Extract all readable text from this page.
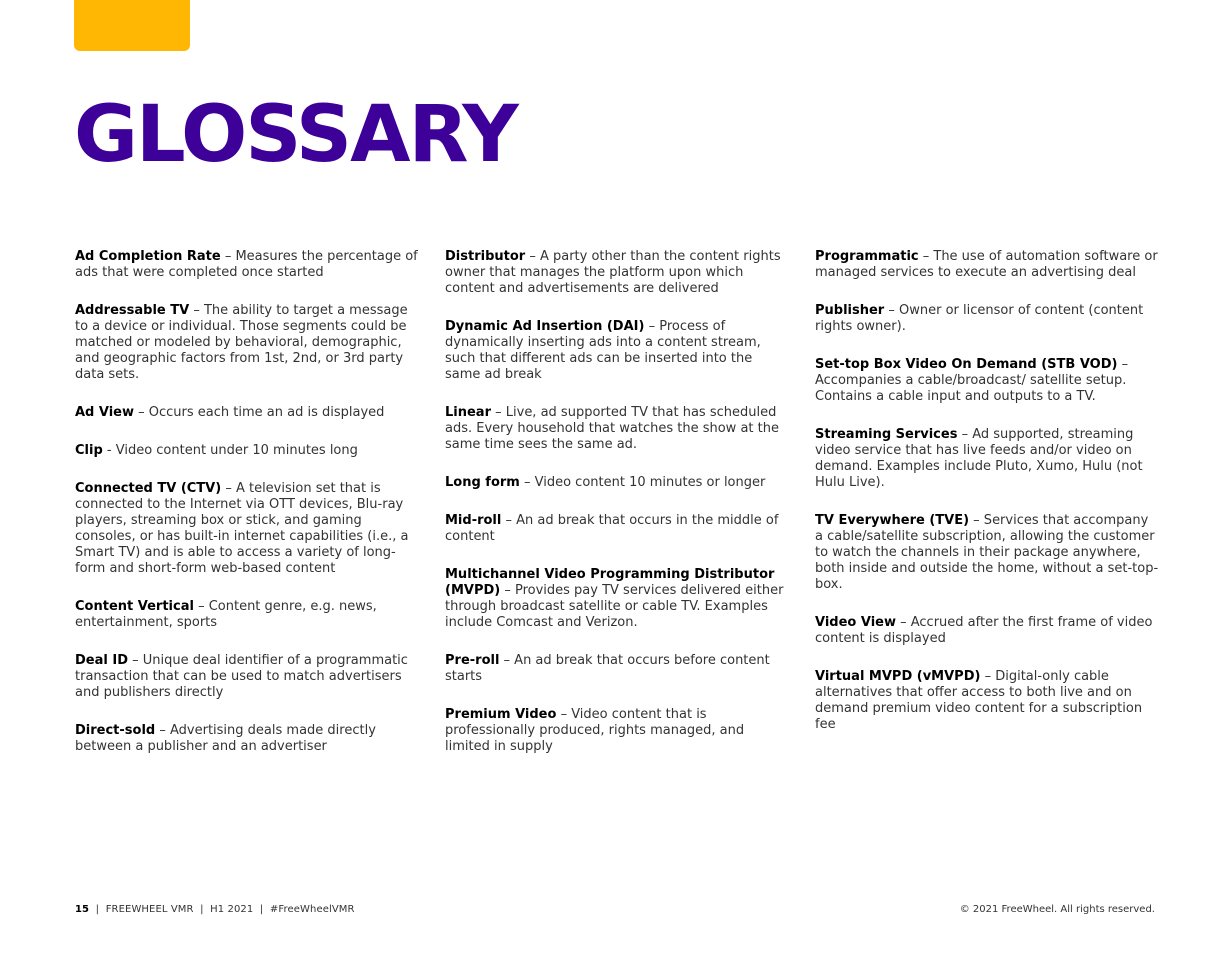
GLOSSARY

Ad Completion Rate – Measures the percentage of ads that were completed once started

Addressable TV – The ability to target a message to a device or individual. Those segments could be matched or modeled by behavioral, demographic, and geographic factors from 1st, 2nd, or 3rd party data sets.

Ad View – Occurs each time an ad is displayed

Clip - Video content under 10 minutes long

Connected TV (CTV) – A television set that is connected to the Internet via OTT devices, Blu-ray players, streaming box or stick, and gaming consoles, or has built-in internet capabilities (i.e., a Smart TV) and is able to access a variety of long-form and short-form web-based content

Content Vertical – Content genre, e.g. news, entertainment, sports

Deal ID – Unique deal identifier of a programmatic transaction that can be used to match advertisers and publishers directly

Direct-sold – Advertising deals made directly between a publisher and an advertiser

Distributor – A party other than the content rights owner that manages the platform upon which content and advertisements are delivered

Dynamic Ad Insertion (DAI) – Process of dynamically inserting ads into a content stream, such that different ads can be inserted into the same ad break

Linear – Live, ad supported TV that has scheduled ads. Every household that watches the show at the same time sees the same ad.

Long form – Video content 10 minutes or longer

Mid-roll – An ad break that occurs in the middle of content

Multichannel Video Programming Distributor (MVPD) – Provides pay TV services delivered either through broadcast satellite or cable TV. Examples include Comcast and Verizon.

Pre-roll – An ad break that occurs before content starts

Premium Video – Video content that is professionally produced, rights managed, and limited in supply

Programmatic – The use of automation software or managed services to execute an advertising deal

Publisher – Owner or licensor of content (content rights owner).

Set-top Box Video On Demand (STB VOD) – Accompanies a cable/broadcast/ satellite setup. Contains a cable input and outputs to a TV.

Streaming Services – Ad supported, streaming video service that has live feeds and/or video on demand. Examples include Pluto, Xumo, Hulu (not Hulu Live).

TV Everywhere (TVE) – Services that accompany a cable/satellite subscription, allowing the customer to watch the channels in their package anywhere, both inside and outside the home, without a set-top-box.

Video View – Accrued after the first frame of video content is displayed

Virtual MVPD (vMVPD) – Digital-only cable alternatives that offer access to both live and on demand premium video content for a subscription fee

15  |  FREEWHEEL VMR  |  H1 2021  |  #FreeWheelVMR	© 2021 FreeWheel. All rights reserved.
